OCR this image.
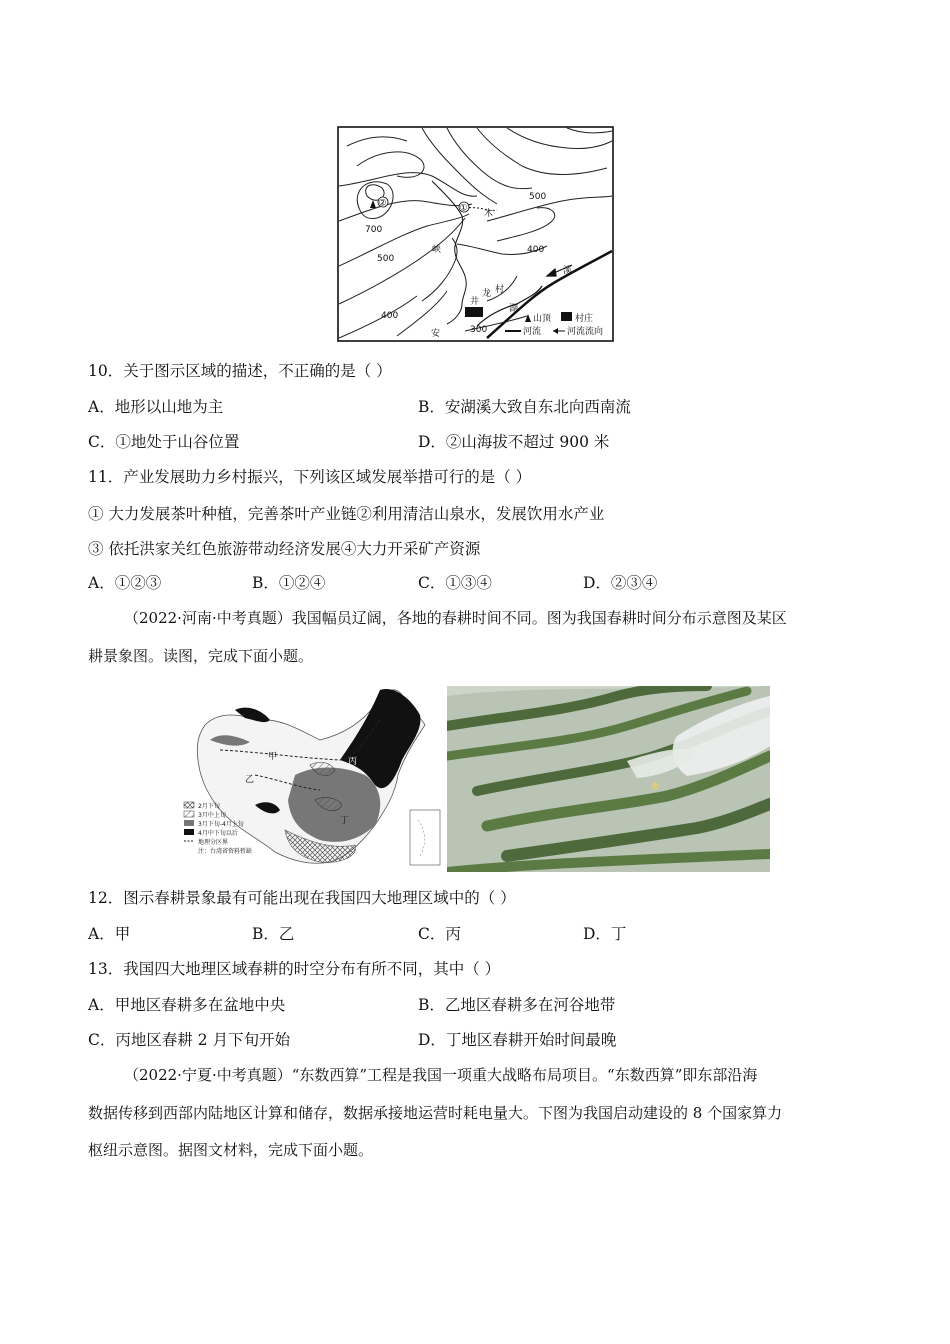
②	①
500
700
500
400
400
300
峡
木
溪
湖
安
龙 村
井
山顶	村庄
河流	河流流向
10．关于图示区域的描述，不正确的是（ ）
A．地形以山地为主	B．安湖溪大致自东北向西南流
C．①地处于山谷位置	D．②山海拔不超过 900 米
11．产业发展助力乡村振兴，下列该区域发展举措可行的是（ ）
① 大力发展茶叶种植，完善茶叶产业链②利用清洁山泉水，发展饮用水产业
③ 依托洪家关红色旅游带动经济发展④大力开采矿产资源
A．①②③	B．①②④	C．①③④	D．②③④
（2022·河南·中考真题）我国幅员辽阔，各地的春耕时间不同。图为我国春耕时间分布示意图及某区
耕景象图。读图，完成下面小题。
甲
乙
丙
丁
2月下旬
3月中上旬
3月下旬-4月上旬
4月中下旬以后
地理分区界
注：台湾省资料暂缺
12．图示春耕景象最有可能出现在我国四大地理区域中的（ ）
A．甲	B．乙	C．丙	D．丁
13．我国四大地理区域春耕的时空分布有所不同，其中（ ）
A．甲地区春耕多在盆地中央	B．乙地区春耕多在河谷地带
C．丙地区春耕 2 月下旬开始	D．丁地区春耕开始时间最晚
（2022·宁夏·中考真题）“东数西算”工程是我国一项重大战略布局项目。“东数西算”即东部沿海
数据传移到西部内陆地区计算和储存，数据承接地运营时耗电量大。下图为我国启动建设的 8 个国家算力
枢纽示意图。据图文材料，完成下面小题。
